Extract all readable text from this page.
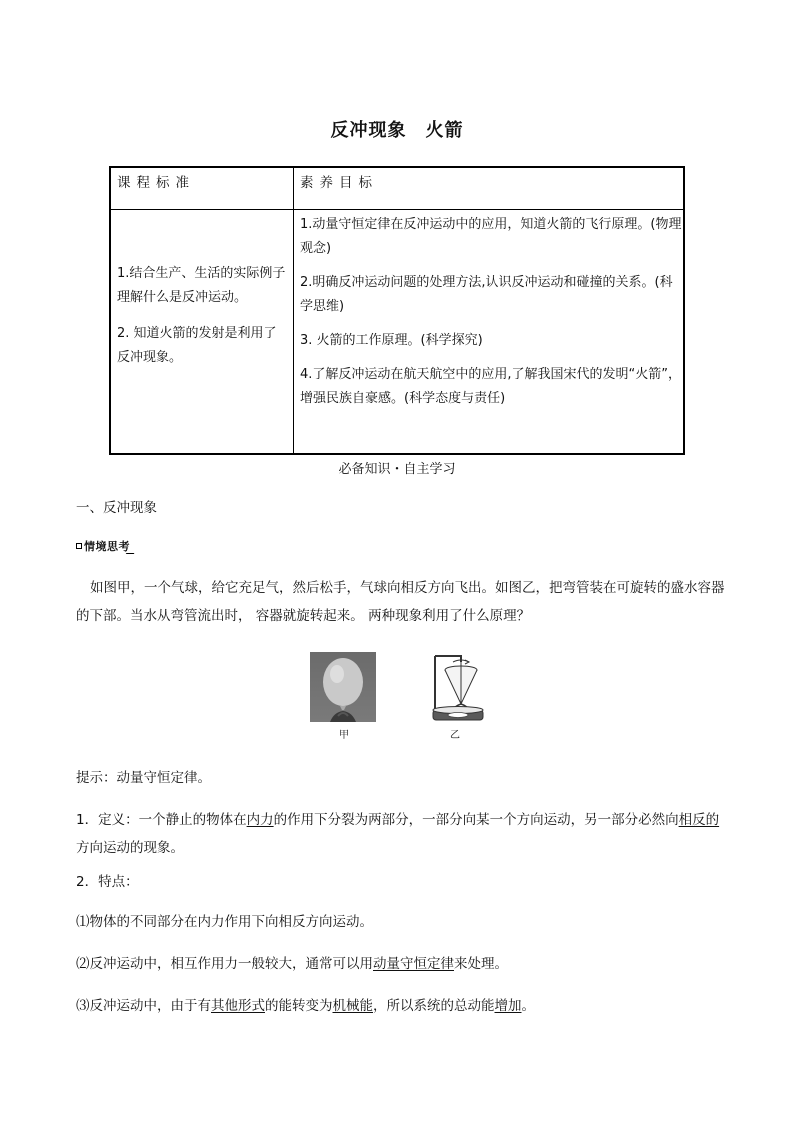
反冲现象　火箭
课程标准	素养目标

1.结合生产、生活的实际例子理解什么是反冲运动。

2. 知道火箭的发射是利用了反冲现象。

1.动量守恒定律在反冲运动中的应用，知道火箭的飞行原理。(物理观念)

2.明确反冲运动问题的处理方法,认识反冲运动和碰撞的关系。(科学思维)

3. 火箭的工作原理。(科学探究)

4.了解反冲运动在航天航空中的应用,了解我国宋代的发明“火箭”，增强民族自豪感。(科学态度与责任)

必备知识・自主学习
一、反冲现象
情境思考
如图甲，一个气球，给它充足气，然后松手，气球向相反方向飞出。如图乙，把弯管装在可旋转的盛水容器的下部。当水从弯管流出时， 容器就旋转起来。 两种现象利用了什么原理？
甲	乙
提示：动量守恒定律。
1．定义：一个静止的物体在内力的作用下分裂为两部分，一部分向某一个方向运动，另一部分必然向相反的方向运动的现象。
2．特点：
⑴物体的不同部分在内力作用下向相反方向运动。
⑵反冲运动中，相互作用力一般较大，通常可以用动量守恒定律来处理。
⑶反冲运动中，由于有其他形式的能转变为机械能，所以系统的总动能增加。
